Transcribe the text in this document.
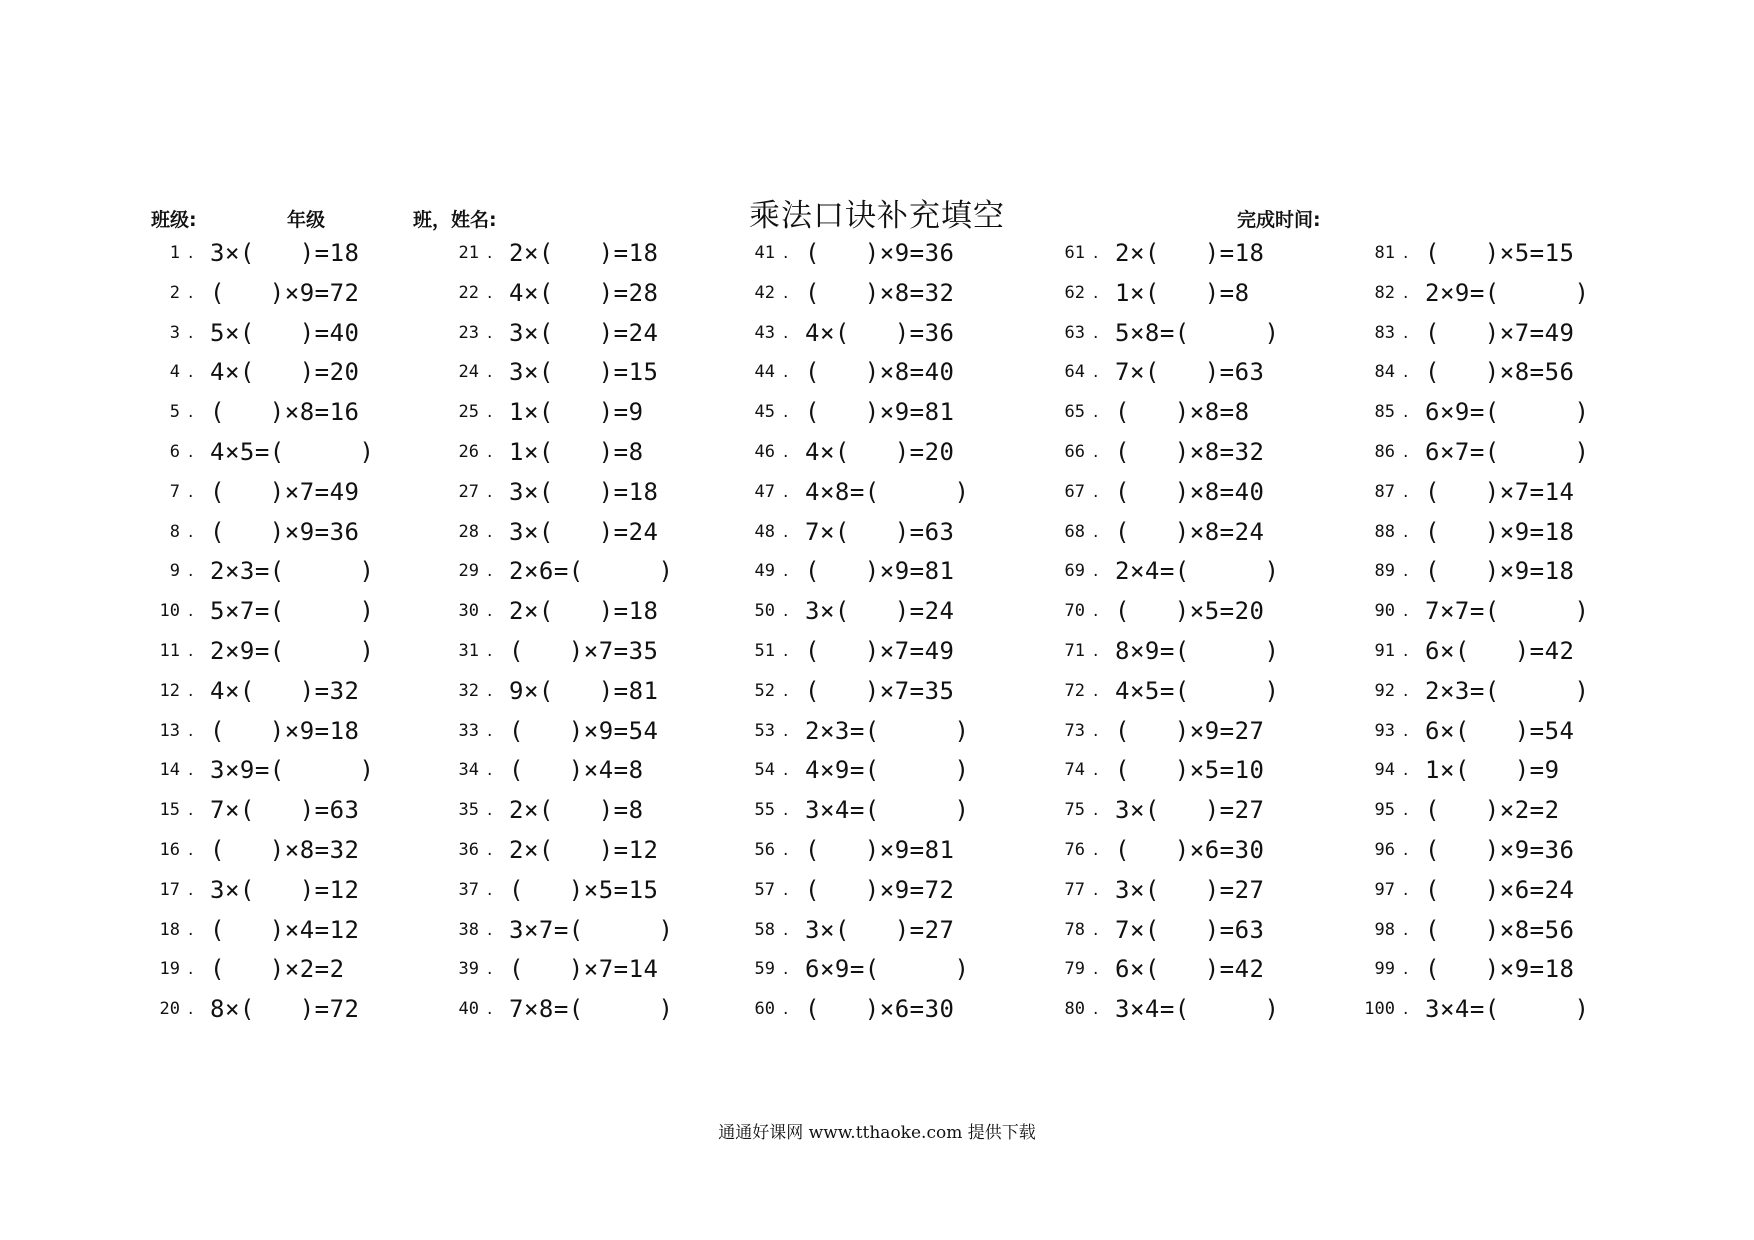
班级:	年级	班，姓名:	乘法口诀补充填空	完成时间:
1 . 3×(   )=18
2 . (   )×9=72
3 . 5×(   )=40
4 . 4×(   )=20
5 . (   )×8=16
6 . 4×5=(     )
7 . (   )×7=49
8 . (   )×9=36
9 . 2×3=(     )
10 . 5×7=(     )
11 . 2×9=(     )
12 . 4×(   )=32
13 . (   )×9=18
14 . 3×9=(     )
15 . 7×(   )=63
16 . (   )×8=32
17 . 3×(   )=12
18 . (   )×4=12
19 . (   )×2=2
20 . 8×(   )=72
21 . 2×(   )=18
22 . 4×(   )=28
23 . 3×(   )=24
24 . 3×(   )=15
25 . 1×(   )=9
26 . 1×(   )=8
27 . 3×(   )=18
28 . 3×(   )=24
29 . 2×6=(     )
30 . 2×(   )=18
31 . (   )×7=35
32 . 9×(   )=81
33 . (   )×9=54
34 . (   )×4=8
35 . 2×(   )=8
36 . 2×(   )=12
37 . (   )×5=15
38 . 3×7=(     )
39 . (   )×7=14
40 . 7×8=(     )
41 . (   )×9=36
42 . (   )×8=32
43 . 4×(   )=36
44 . (   )×8=40
45 . (   )×9=81
46 . 4×(   )=20
47 . 4×8=(     )
48 . 7×(   )=63
49 . (   )×9=81
50 . 3×(   )=24
51 . (   )×7=49
52 . (   )×7=35
53 . 2×3=(     )
54 . 4×9=(     )
55 . 3×4=(     )
56 . (   )×9=81
57 . (   )×9=72
58 . 3×(   )=27
59 . 6×9=(     )
60 . (   )×6=30
61 . 2×(   )=18
62 . 1×(   )=8
63 . 5×8=(     )
64 . 7×(   )=63
65 . (   )×8=8
66 . (   )×8=32
67 . (   )×8=40
68 . (   )×8=24
69 . 2×4=(     )
70 . (   )×5=20
71 . 8×9=(     )
72 . 4×5=(     )
73 . (   )×9=27
74 . (   )×5=10
75 . 3×(   )=27
76 . (   )×6=30
77 . 3×(   )=27
78 . 7×(   )=63
79 . 6×(   )=42
80 . 3×4=(     )
81 . (   )×5=15
82 . 2×9=(     )
83 . (   )×7=49
84 . (   )×8=56
85 . 6×9=(     )
86 . 6×7=(     )
87 . (   )×7=14
88 . (   )×9=18
89 . (   )×9=18
90 . 7×7=(     )
91 . 6×(   )=42
92 . 2×3=(     )
93 . 6×(   )=54
94 . 1×(   )=9
95 . (   )×2=2
96 . (   )×9=36
97 . (   )×6=24
98 . (   )×8=56
99 . (   )×9=18
100 . 3×4=(     )
通通好课网 www.tthaoke.com 提供下载
